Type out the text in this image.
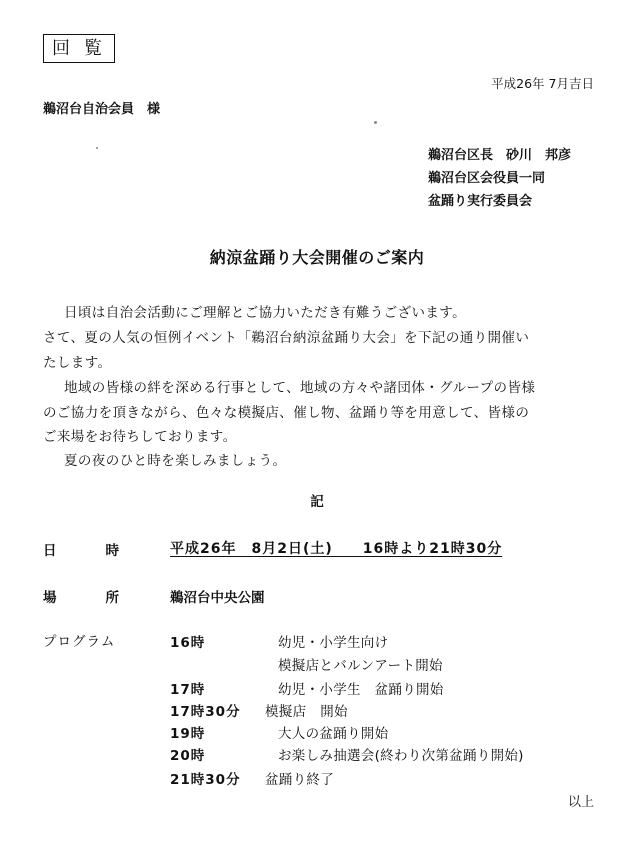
回覧
平成26年 7月吉日
鵜沼台自治会員　様
鵜沼台区長　砂川　邦彦
鵜沼台区会役員一同
盆踊り実行委員会
納涼盆踊り大会開催のご案内
日頃は自治会活動にご理解とご協力いただき有難うございます。
さて、夏の人気の恒例イベント「鵜沼台納涼盆踊り大会」を下記の通り開催い
たします。
地域の皆様の絆を深める行事として、地域の方々や諸団体・グループの皆様
のご協力を頂きながら、色々な模擬店、催し物、盆踊り等を用意して、皆様の
ご来場をお待ちしております。
夏の夜のひと時を楽しみましょう。
記
日	時	平成26年　8月2日(土)　　16時より21時30分
場	所	鵜沼台中央公園
プログラム	16時	幼児・小学生向け
模擬店とバルンアート開始
17時	幼児・小学生　盆踊り開始
17時30分 模擬店　開始
19時	大人の盆踊り開始
20時	お楽しみ抽選会(終わり次第盆踊り開始)
21時30分 盆踊り終了
以上
